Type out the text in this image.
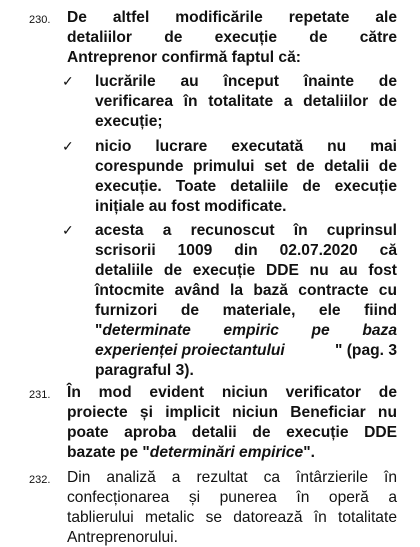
230. De altfel modificările repetate ale
detaliilor de execuție de către
Antreprenor confirmă faptul că:
✓ lucrările au început înainte de
verificarea în totalitate a detaliilor de
execuție;
✓ nicio lucrare executată nu mai
corespunde primului set de detalii de
execuție. Toate detaliile de execuție
inițiale au fost modificate.
✓ acesta a recunoscut în cuprinsul
scrisorii 1009 din 02.07.2020 că
detaliile de execuție DDE nu au fost
întocmite având la bază contracte cu
furnizori de materiale, ele fiind
"determinate empiric pe baza
experienței proiectantului	" (pag. 3
paragraful 3).
231. În mod evident niciun verificator de
proiecte și implicit niciun Beneficiar nu
poate aproba detalii de execuție DDE
bazate pe "determinări empirice".
232. Din analiză a rezultat ca întârzierile în
confecționarea și punerea în operă a
tablierului metalic se datorează în totalitate
Antreprenorului.
